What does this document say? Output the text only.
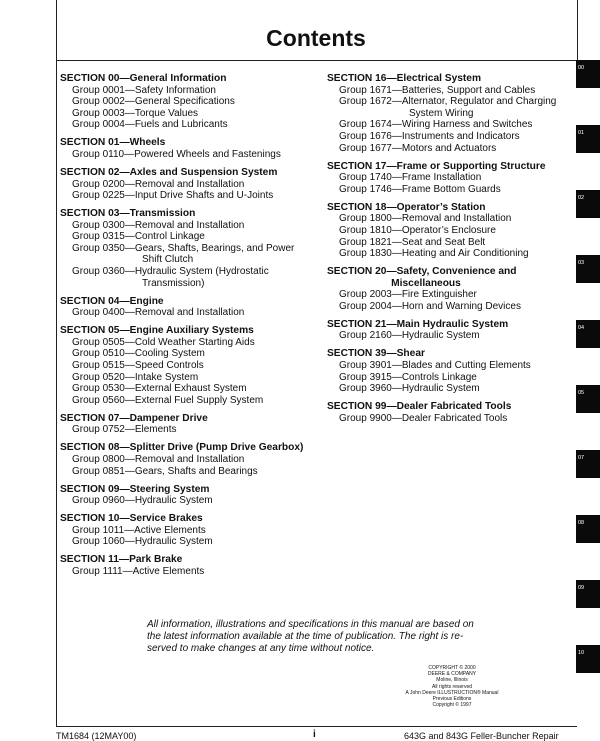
Contents
SECTION 00—General Information
Group 0001—Safety Information
Group 0002—General Specifications
Group 0003—Torque Values
Group 0004—Fuels and Lubricants
SECTION 01—Wheels
Group 0110—Powered Wheels and Fastenings
SECTION 02—Axles and Suspension System
Group 0200—Removal and Installation
Group 0225—Input Drive Shafts and U-Joints
SECTION 03—Transmission
Group 0300—Removal and Installation
Group 0315—Control Linkage
Group 0350—Gears, Shafts, Bearings, and Power
Shift Clutch
Group 0360—Hydraulic System (Hydrostatic
Transmission)
SECTION 04—Engine
Group 0400—Removal and Installation
SECTION 05—Engine Auxiliary Systems
Group 0505—Cold Weather Starting Aids
Group 0510—Cooling System
Group 0515—Speed Controls
Group 0520—Intake System
Group 0530—External Exhaust System
Group 0560—External Fuel Supply System
SECTION 07—Dampener Drive
Group 0752—Elements
SECTION 08—Splitter Drive (Pump Drive Gearbox)
Group 0800—Removal and Installation
Group 0851—Gears, Shafts and Bearings
SECTION 09—Steering System
Group 0960—Hydraulic System
SECTION 10—Service Brakes
Group 1011—Active Elements
Group 1060—Hydraulic System
SECTION 11—Park Brake
Group 1111—Active Elements
SECTION 16—Electrical System
Group 1671—Batteries, Support and Cables
Group 1672—Alternator, Regulator and Charging
System Wiring
Group 1674—Wiring Harness and Switches
Group 1676—Instruments and Indicators
Group 1677—Motors and Actuators
SECTION 17—Frame or Supporting Structure
Group 1740—Frame Installation
Group 1746—Frame Bottom Guards
SECTION 18—Operator’s Station
Group 1800—Removal and Installation
Group 1810—Operator’s Enclosure
Group 1821—Seat and Seat Belt
Group 1830—Heating and Air Conditioning
SECTION 20—Safety, Convenience and
Miscellaneous
Group 2003—Fire Extinguisher
Group 2004—Horn and Warning Devices
SECTION 21—Main Hydraulic System
Group 2160—Hydraulic System
SECTION 39—Shear
Group 3901—Blades and Cutting Elements
Group 3915—Controls Linkage
Group 3960—Hydraulic System
SECTION 99—Dealer Fabricated Tools
Group 9900—Dealer Fabricated Tools
All information, illustrations and specifications in this manual are based on
the latest information available at the time of publication. The right is re-
served to make changes at any time without notice.
COPYRIGHT © 2000
DEERE & COMPANY
Moline, Illinois
All rights reserved
A John Deere ILLUSTRUCTION® Manual
Previous Editions
Copyright © 1997
00
01
02
03
04
05
07
08
09
10
TM1684 (12MAY00)	i	643G and 843G Feller-Buncher Repair
